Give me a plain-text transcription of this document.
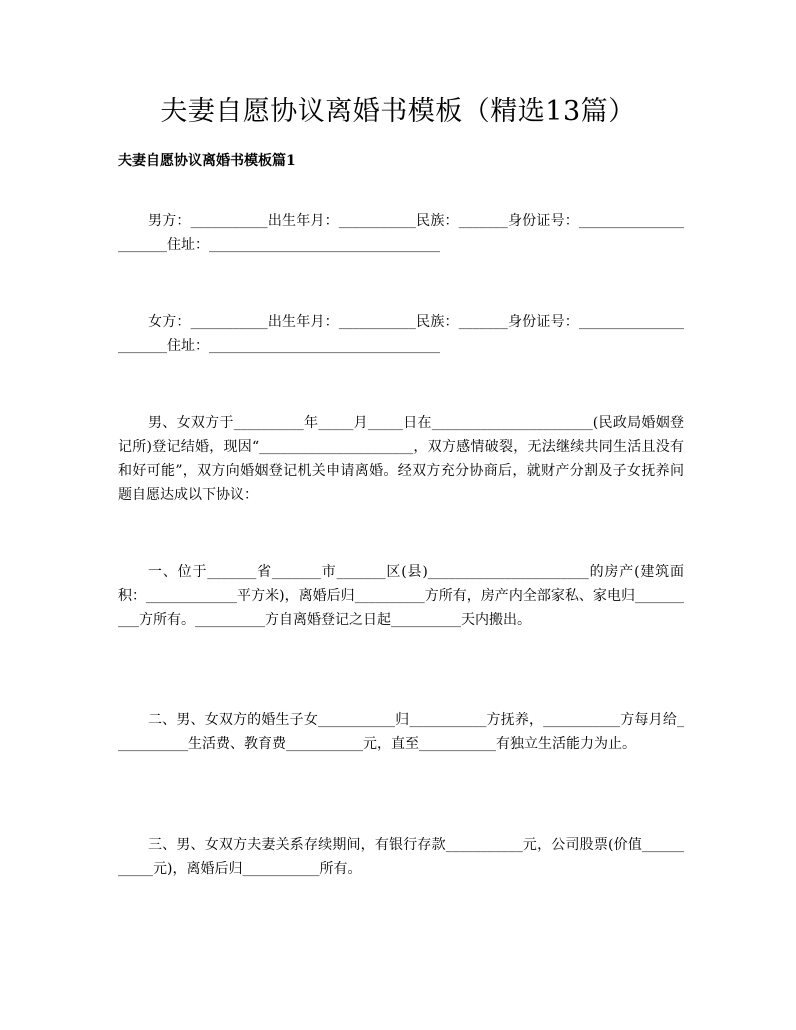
夫妻自愿协议离婚书模板（精选13篇）
夫妻自愿协议离婚书模板篇1
男方：___________出生年月：___________民族：_______身份证号：______________________住址：_________________________________
女方：___________出生年月：___________民族：_______身份证号：______________________住址：_________________________________
男、女双方于__________年_____月_____日在_______________________(民政局婚姻登记所)登记结婚，现因“______________________，双方感情破裂，无法继续共同生活且没有和好可能”，双方向婚姻登记机关申请离婚。经双方充分协商后，就财产分割及子女抚养问题自愿达成以下协议：
一、位于_______省_______市_______区(县)_______________________的房产(建筑面积：_____________平方米)，离婚后归__________方所有，房产内全部家私、家电归__________方所有。__________方自离婚登记之日起__________天内搬出。
二、男、女双方的婚生子女___________归___________方抚养，___________方每月给___________生活费、教育费___________元，直至___________有独立生活能力为止。
三、男、女双方夫妻关系存续期间，有银行存款___________元，公司股票(价值___________元)，离婚后归___________所有。
